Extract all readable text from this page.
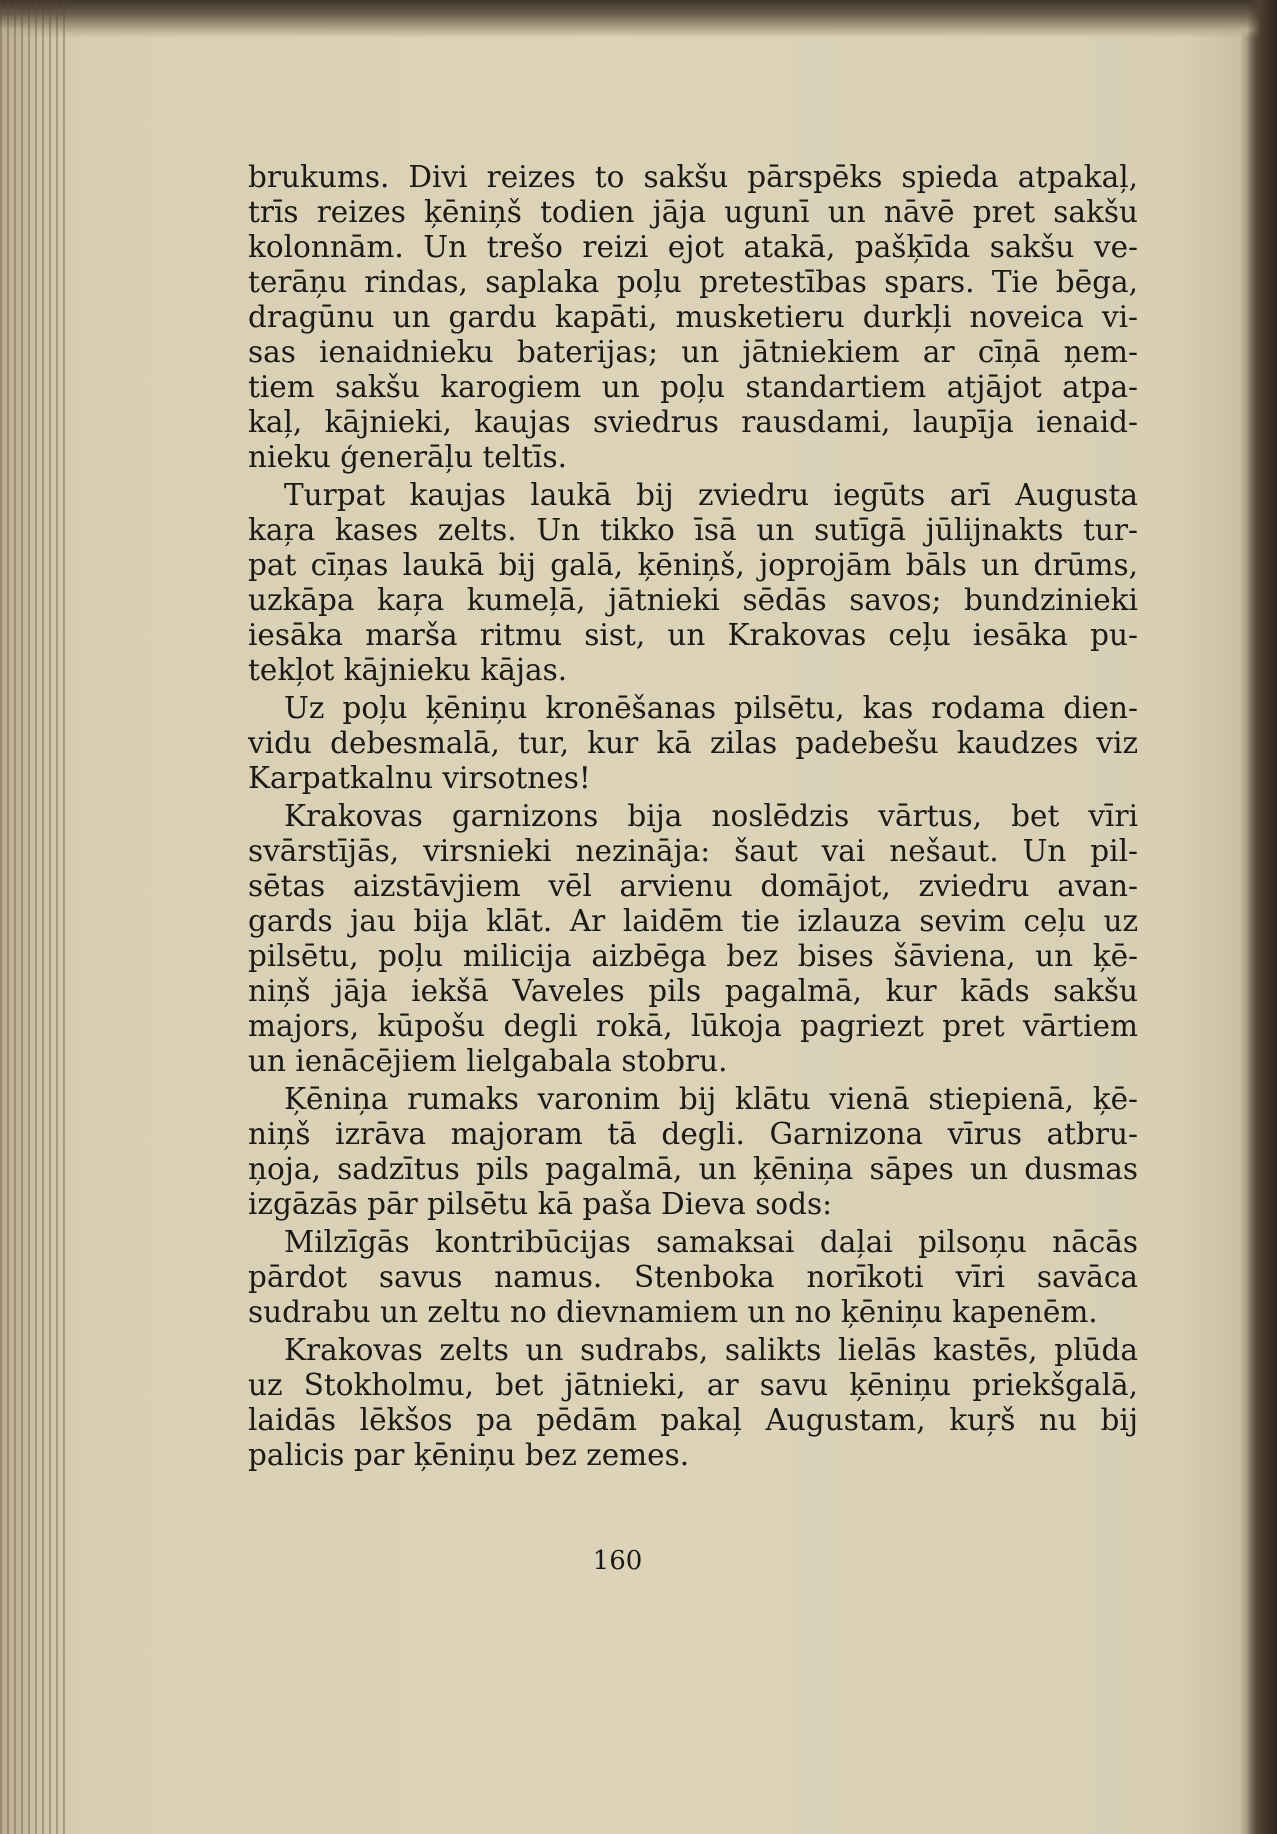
brukums. Divi reizes to sakšu pārspēks spieda atpakaļ,
trīs reizes ķēniņš todien jāja ugunī un nāvē pret sakšu
kolonnām. Un trešo reizi ejot atakā, pašķīda sakšu ve-
terāņu rindas, saplaka poļu pretestības spars. Tie bēga,
dragūnu un gardu kapāti, musketieru durkļi noveica vi-
sas ienaidnieku baterijas; un jātniekiem ar cīņā ņem-
tiem sakšu karogiem un poļu standartiem atjājot atpa-
kaļ, kājnieki, kaujas sviedrus rausdami, laupīja ienaid-
nieku ģenerāļu teltīs.
Turpat kaujas laukā bij zviedru iegūts arī Augusta
kaŗa kases zelts. Un tikko īsā un sutīgā jūlijnakts tur-
pat cīņas laukā bij galā, ķēniņš, joprojām bāls un drūms,
uzkāpa kaŗa kumeļā, jātnieki sēdās savos; bundzinieki
iesāka marša ritmu sist, un Krakovas ceļu iesāka pu-
tekļot kājnieku kājas.
Uz poļu ķēniņu kronēšanas pilsētu, kas rodama dien-
vidu debesmalā, tur, kur kā zilas padebešu kaudzes viz
Karpatkalnu virsotnes!
Krakovas garnizons bija noslēdzis vārtus, bet vīri
svārstījās, virsnieki nezināja: šaut vai nešaut. Un pil-
sētas aizstāvjiem vēl arvienu domājot, zviedru avan-
gards jau bija klāt. Ar laidēm tie izlauza sevim ceļu uz
pilsētu, poļu milicija aizbēga bez bises šāviena, un ķē-
niņš jāja iekšā Vaveles pils pagalmā, kur kāds sakšu
majors, kūpošu degli rokā, lūkoja pagriezt pret vārtiem
un ienācējiem lielgabala stobru.
Ķēniņa rumaks varonim bij klātu vienā stiepienā, ķē-
niņš izrāva majoram tā degli. Garnizona vīrus atbru-
ņoja, sadzītus pils pagalmā, un ķēniņa sāpes un dusmas
izgāzās pār pilsētu kā paša Dieva sods:
Milzīgās kontribūcijas samaksai daļai pilsoņu nācās
pārdot savus namus. Stenboka norīkoti vīri savāca
sudrabu un zeltu no dievnamiem un no ķēniņu kapenēm.
Krakovas zelts un sudrabs, salikts lielās kastēs, plūda
uz Stokholmu, bet jātnieki, ar savu ķēniņu priekšgalā,
laidās lēkšos pa pēdām pakaļ Augustam, kuŗš nu bij
palicis par ķēniņu bez zemes.
160
